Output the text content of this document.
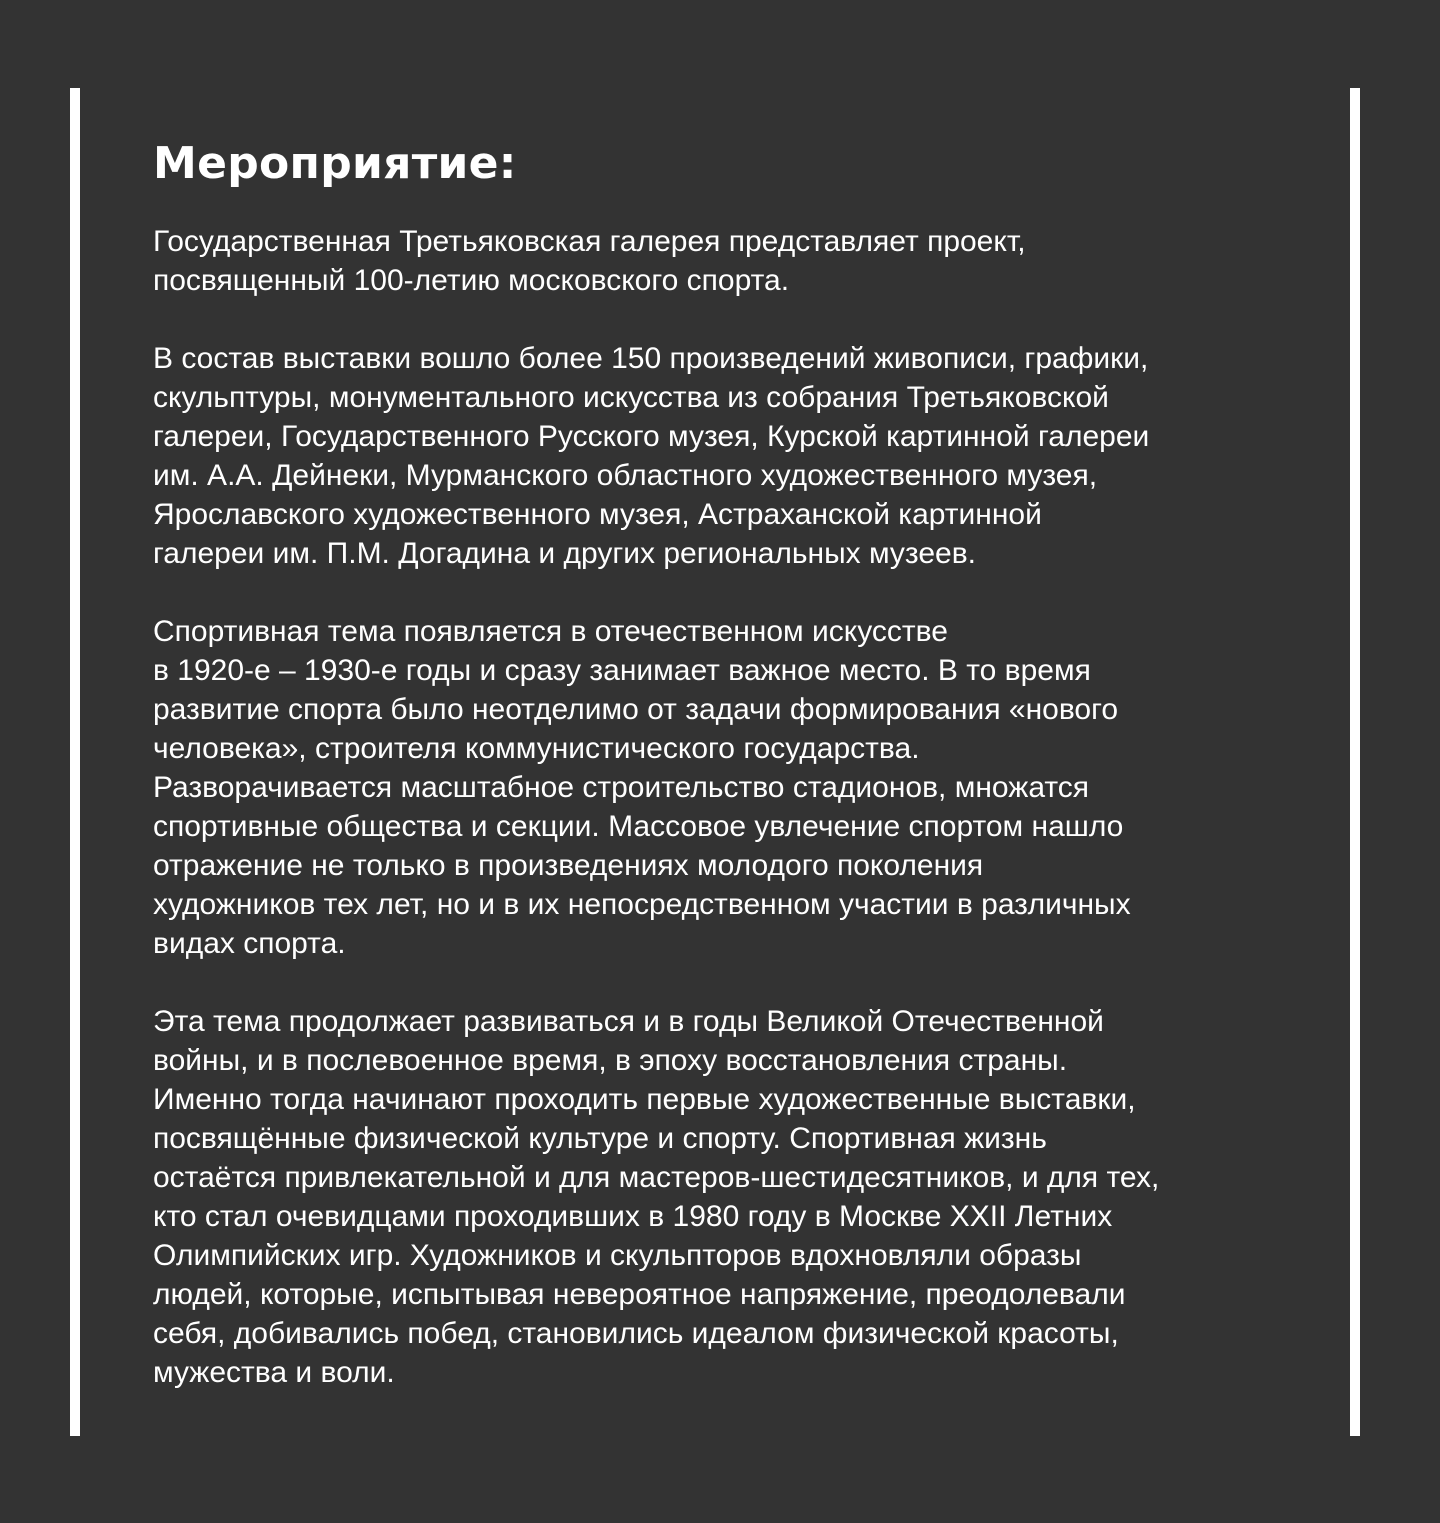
Мероприятие:

Государственная Третьяковская галерея представляет проект,
посвященный 100-летию московского спорта.

В состав выставки вошло более 150 произведений живописи, графики,
скульптуры, монументального искусства из собрания Третьяковской
галереи, Государственного Русского музея, Курской картинной галереи
им. А.А. Дейнеки, Мурманского областного художественного музея,
Ярославского художественного музея, Астраханской картинной
галереи им. П.М. Догадина и других региональных музеев.

Спортивная тема появляется в отечественном искусстве
в 1920-е – 1930-е годы и сразу занимает важное место. В то время
развитие спорта было неотделимо от задачи формирования «нового
человека», строителя коммунистического государства.
Разворачивается масштабное строительство стадионов, множатся
спортивные общества и секции. Массовое увлечение спортом нашло
отражение не только в произведениях молодого поколения
художников тех лет, но и в их непосредственном участии в различных
видах спорта.

Эта тема продолжает развиваться и в годы Великой Отечественной
войны, и в послевоенное время, в эпоху восстановления страны.
Именно тогда начинают проходить первые художественные выставки,
посвящённые физической культуре и спорту. Спортивная жизнь
остаётся привлекательной и для мастеров-шестидесятников, и для тех,
кто стал очевидцами проходивших в 1980 году в Москве XXII Летних
Олимпийских игр. Художников и скульпторов вдохновляли образы
людей, которые, испытывая невероятное напряжение, преодолевали
себя, добивались побед, становились идеалом физической красоты,
мужества и воли.
